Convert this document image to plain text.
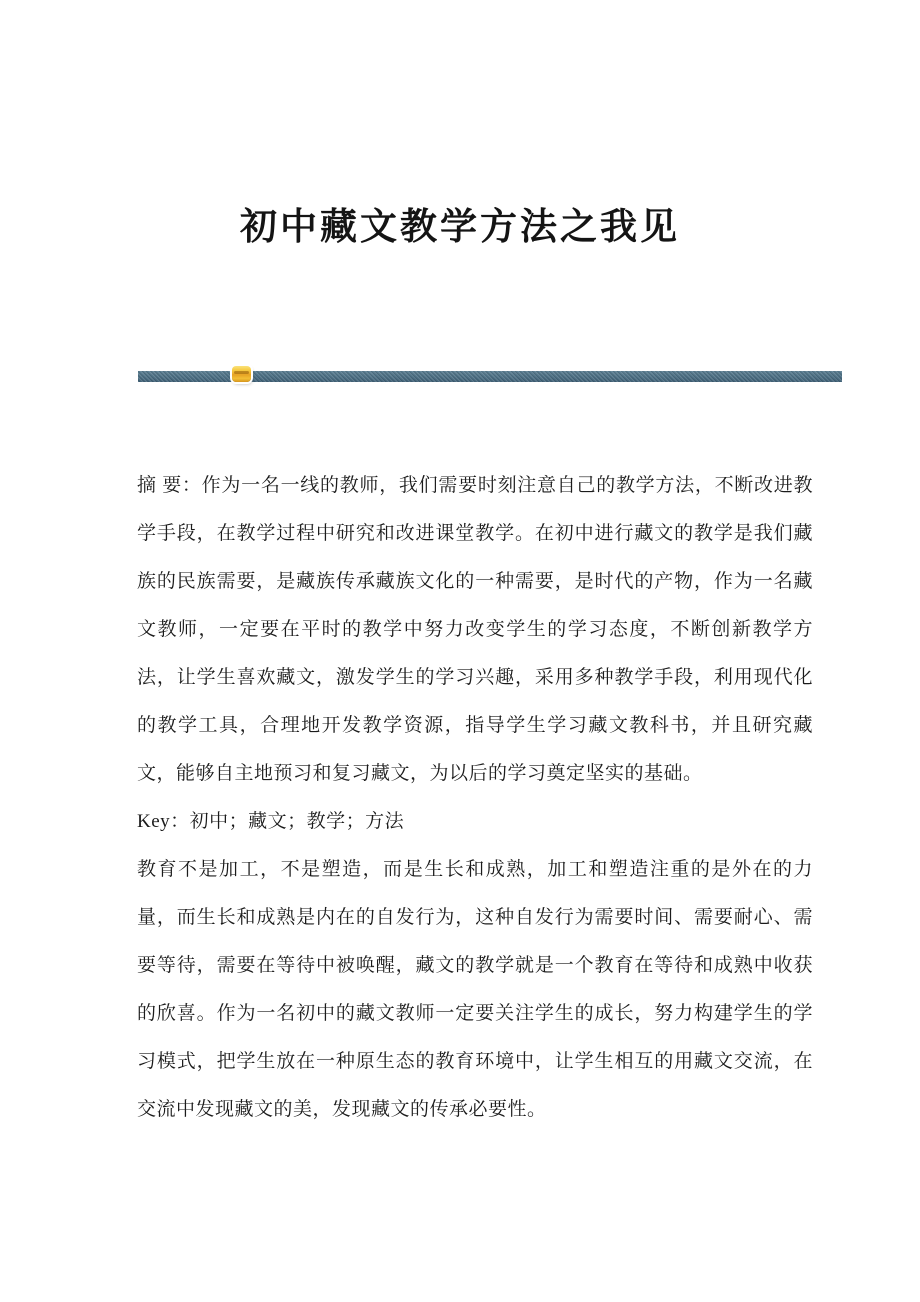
初中藏文教学方法之我见
摘 要：作为一名一线的教师，我们需要时刻注意自己的教学方法，不断改进教
学手段，在教学过程中研究和改进课堂教学。在初中进行藏文的教学是我们藏
族的民族需要，是藏族传承藏族文化的一种需要，是时代的产物，作为一名藏
文教师，一定要在平时的教学中努力改变学生的学习态度，不断创新教学方
法，让学生喜欢藏文，激发学生的学习兴趣，采用多种教学手段，利用现代化
的教学工具，合理地开发教学资源，指导学生学习藏文教科书，并且研究藏
文，能够自主地预习和复习藏文，为以后的学习奠定坚实的基础。
Key：初中；藏文；教学；方法
教育不是加工，不是塑造，而是生长和成熟，加工和塑造注重的是外在的力
量，而生长和成熟是内在的自发行为，这种自发行为需要时间、需要耐心、需
要等待，需要在等待中被唤醒，藏文的教学就是一个教育在等待和成熟中收获
的欣喜。作为一名初中的藏文教师一定要关注学生的成长，努力构建学生的学
习模式，把学生放在一种原生态的教育环境中，让学生相互的用藏文交流，在
交流中发现藏文的美，发现藏文的传承必要性。
